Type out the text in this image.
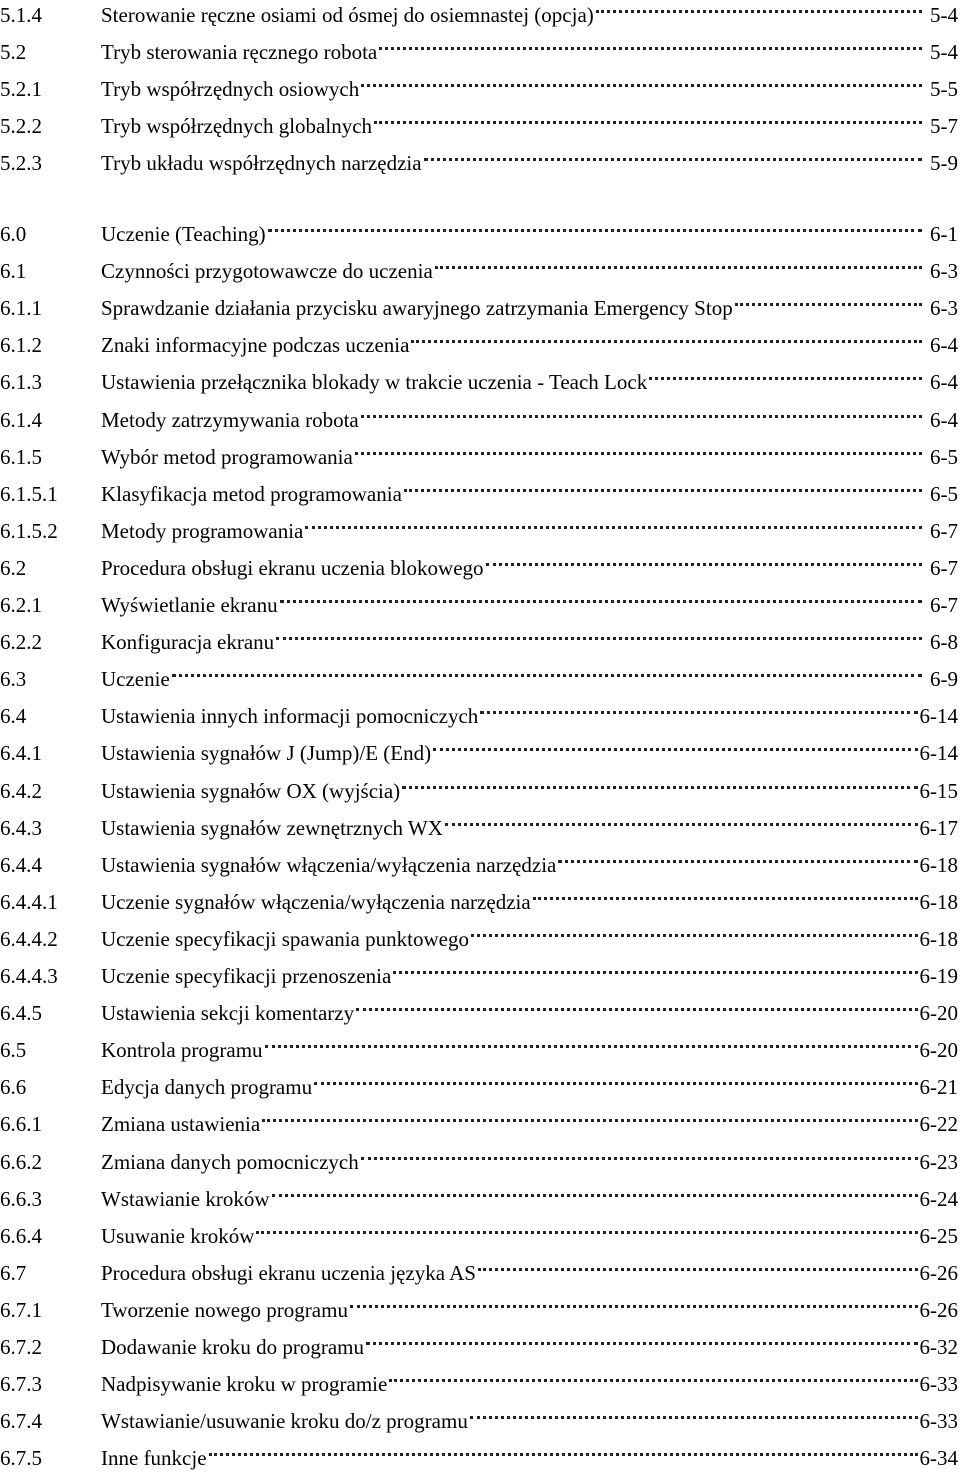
5.1.4	Sterowanie ręczne osiami od ósmej do osiemnastej (opcja)	5-4
5.2	Tryb sterowania ręcznego robota	5-4
5.2.1	Tryb współrzędnych osiowych	5-5
5.2.2	Tryb współrzędnych globalnych	5-7
5.2.3	Tryb układu współrzędnych narzędzia	5-9
6.0	Uczenie (Teaching)	6-1
6.1	Czynności przygotowawcze do uczenia	6-3
6.1.1	Sprawdzanie działania przycisku awaryjnego zatrzymania Emergency Stop	6-3
6.1.2	Znaki informacyjne podczas uczenia	6-4
6.1.3	Ustawienia przełącznika blokady w trakcie uczenia - Teach Lock	6-4
6.1.4	Metody zatrzymywania robota	6-4
6.1.5	Wybór metod programowania	6-5
6.1.5.1	Klasyfikacja metod programowania	6-5
6.1.5.2	Metody programowania	6-7
6.2	Procedura obsługi ekranu uczenia blokowego	6-7
6.2.1	Wyświetlanie ekranu	6-7
6.2.2	Konfiguracja ekranu	6-8
6.3	Uczenie	6-9
6.4	Ustawienia innych informacji pomocniczych	6-14
6.4.1	Ustawienia sygnałów J (Jump)/E (End)	6-14
6.4.2	Ustawienia sygnałów OX (wyjścia)	6-15
6.4.3	Ustawienia sygnałów zewnętrznych WX	6-17
6.4.4	Ustawienia sygnałów włączenia/wyłączenia narzędzia	6-18
6.4.4.1	Uczenie sygnałów włączenia/wyłączenia narzędzia	6-18
6.4.4.2	Uczenie specyfikacji spawania punktowego	6-18
6.4.4.3	Uczenie specyfikacji przenoszenia	6-19
6.4.5	Ustawienia sekcji komentarzy	6-20
6.5	Kontrola programu	6-20
6.6	Edycja danych programu	6-21
6.6.1	Zmiana ustawienia	6-22
6.6.2	Zmiana danych pomocniczych	6-23
6.6.3	Wstawianie kroków	6-24
6.6.4	Usuwanie kroków	6-25
6.7	Procedura obsługi ekranu uczenia języka AS	6-26
6.7.1	Tworzenie nowego programu	6-26
6.7.2	Dodawanie kroku do programu	6-32
6.7.3	Nadpisywanie kroku w programie	6-33
6.7.4	Wstawianie/usuwanie kroku do/z programu	6-33
6.7.5	Inne funkcje	6-34
